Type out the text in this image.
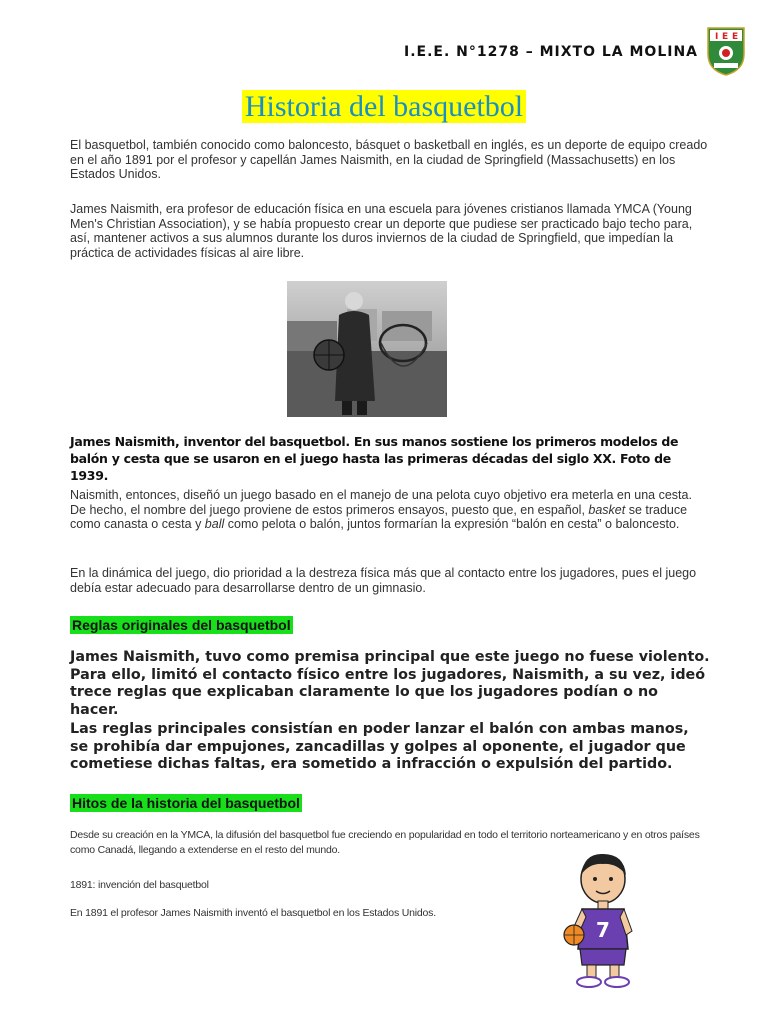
I.E.E. N°1278 – MIXTO LA MOLINA
I E E
Historia del basquetbol
El basquetbol, también conocido como baloncesto, básquet o basketball en inglés, es un deporte de equipo creado en el año 1891 por el profesor y capellán James Naismith, en la ciudad de Springfield (Massachusetts) en los Estados Unidos.
James Naismith, era profesor de educación física en una escuela para jóvenes cristianos llamada YMCA (Young Men's Christian Association), y se había propuesto crear un deporte que pudiese ser practicado bajo techo para, así, mantener activos a sus alumnos durante los duros inviernos de la ciudad de Springfield, que impedían la práctica de actividades físicas al aire libre.
James Naismith, inventor del basquetbol. En sus manos sostiene los primeros modelos de balón y cesta que se usaron en el juego hasta las primeras décadas del siglo XX. Foto de 1939.
Naismith, entonces, diseñó un juego basado en el manejo de una pelota cuyo objetivo era meterla en una cesta. De hecho, el nombre del juego proviene de estos primeros ensayos, puesto que, en español, basket se traduce como canasta o cesta y ball como pelota o balón, juntos formarían la expresión “balón en cesta” o baloncesto.
En la dinámica del juego, dio prioridad a la destreza física más que al contacto entre los jugadores, pues el juego debía estar adecuado para desarrollarse dentro de un gimnasio.
Reglas originales del basquetbol
James Naismith, tuvo como premisa principal que este juego no fuese violento. Para ello, limitó el contacto físico entre los jugadores, Naismith, a su vez, ideó trece reglas que explicaban claramente lo que los jugadores podían o no hacer.
Las reglas principales consistían en poder lanzar el balón con ambas manos, se prohibía dar empujones, zancadillas y golpes al oponente, el jugador que cometiese dichas faltas, era sometido a infracción o expulsión del partido.
Hitos de la historia del basquetbol
Desde su creación en la YMCA, la difusión del basquetbol fue creciendo en popularidad en todo el territorio norteamericano y en otros países como Canadá, llegando a extenderse en el resto del mundo.
1891: invención del basquetbol
En 1891 el profesor James Naismith inventó el basquetbol en los Estados Unidos.
7
